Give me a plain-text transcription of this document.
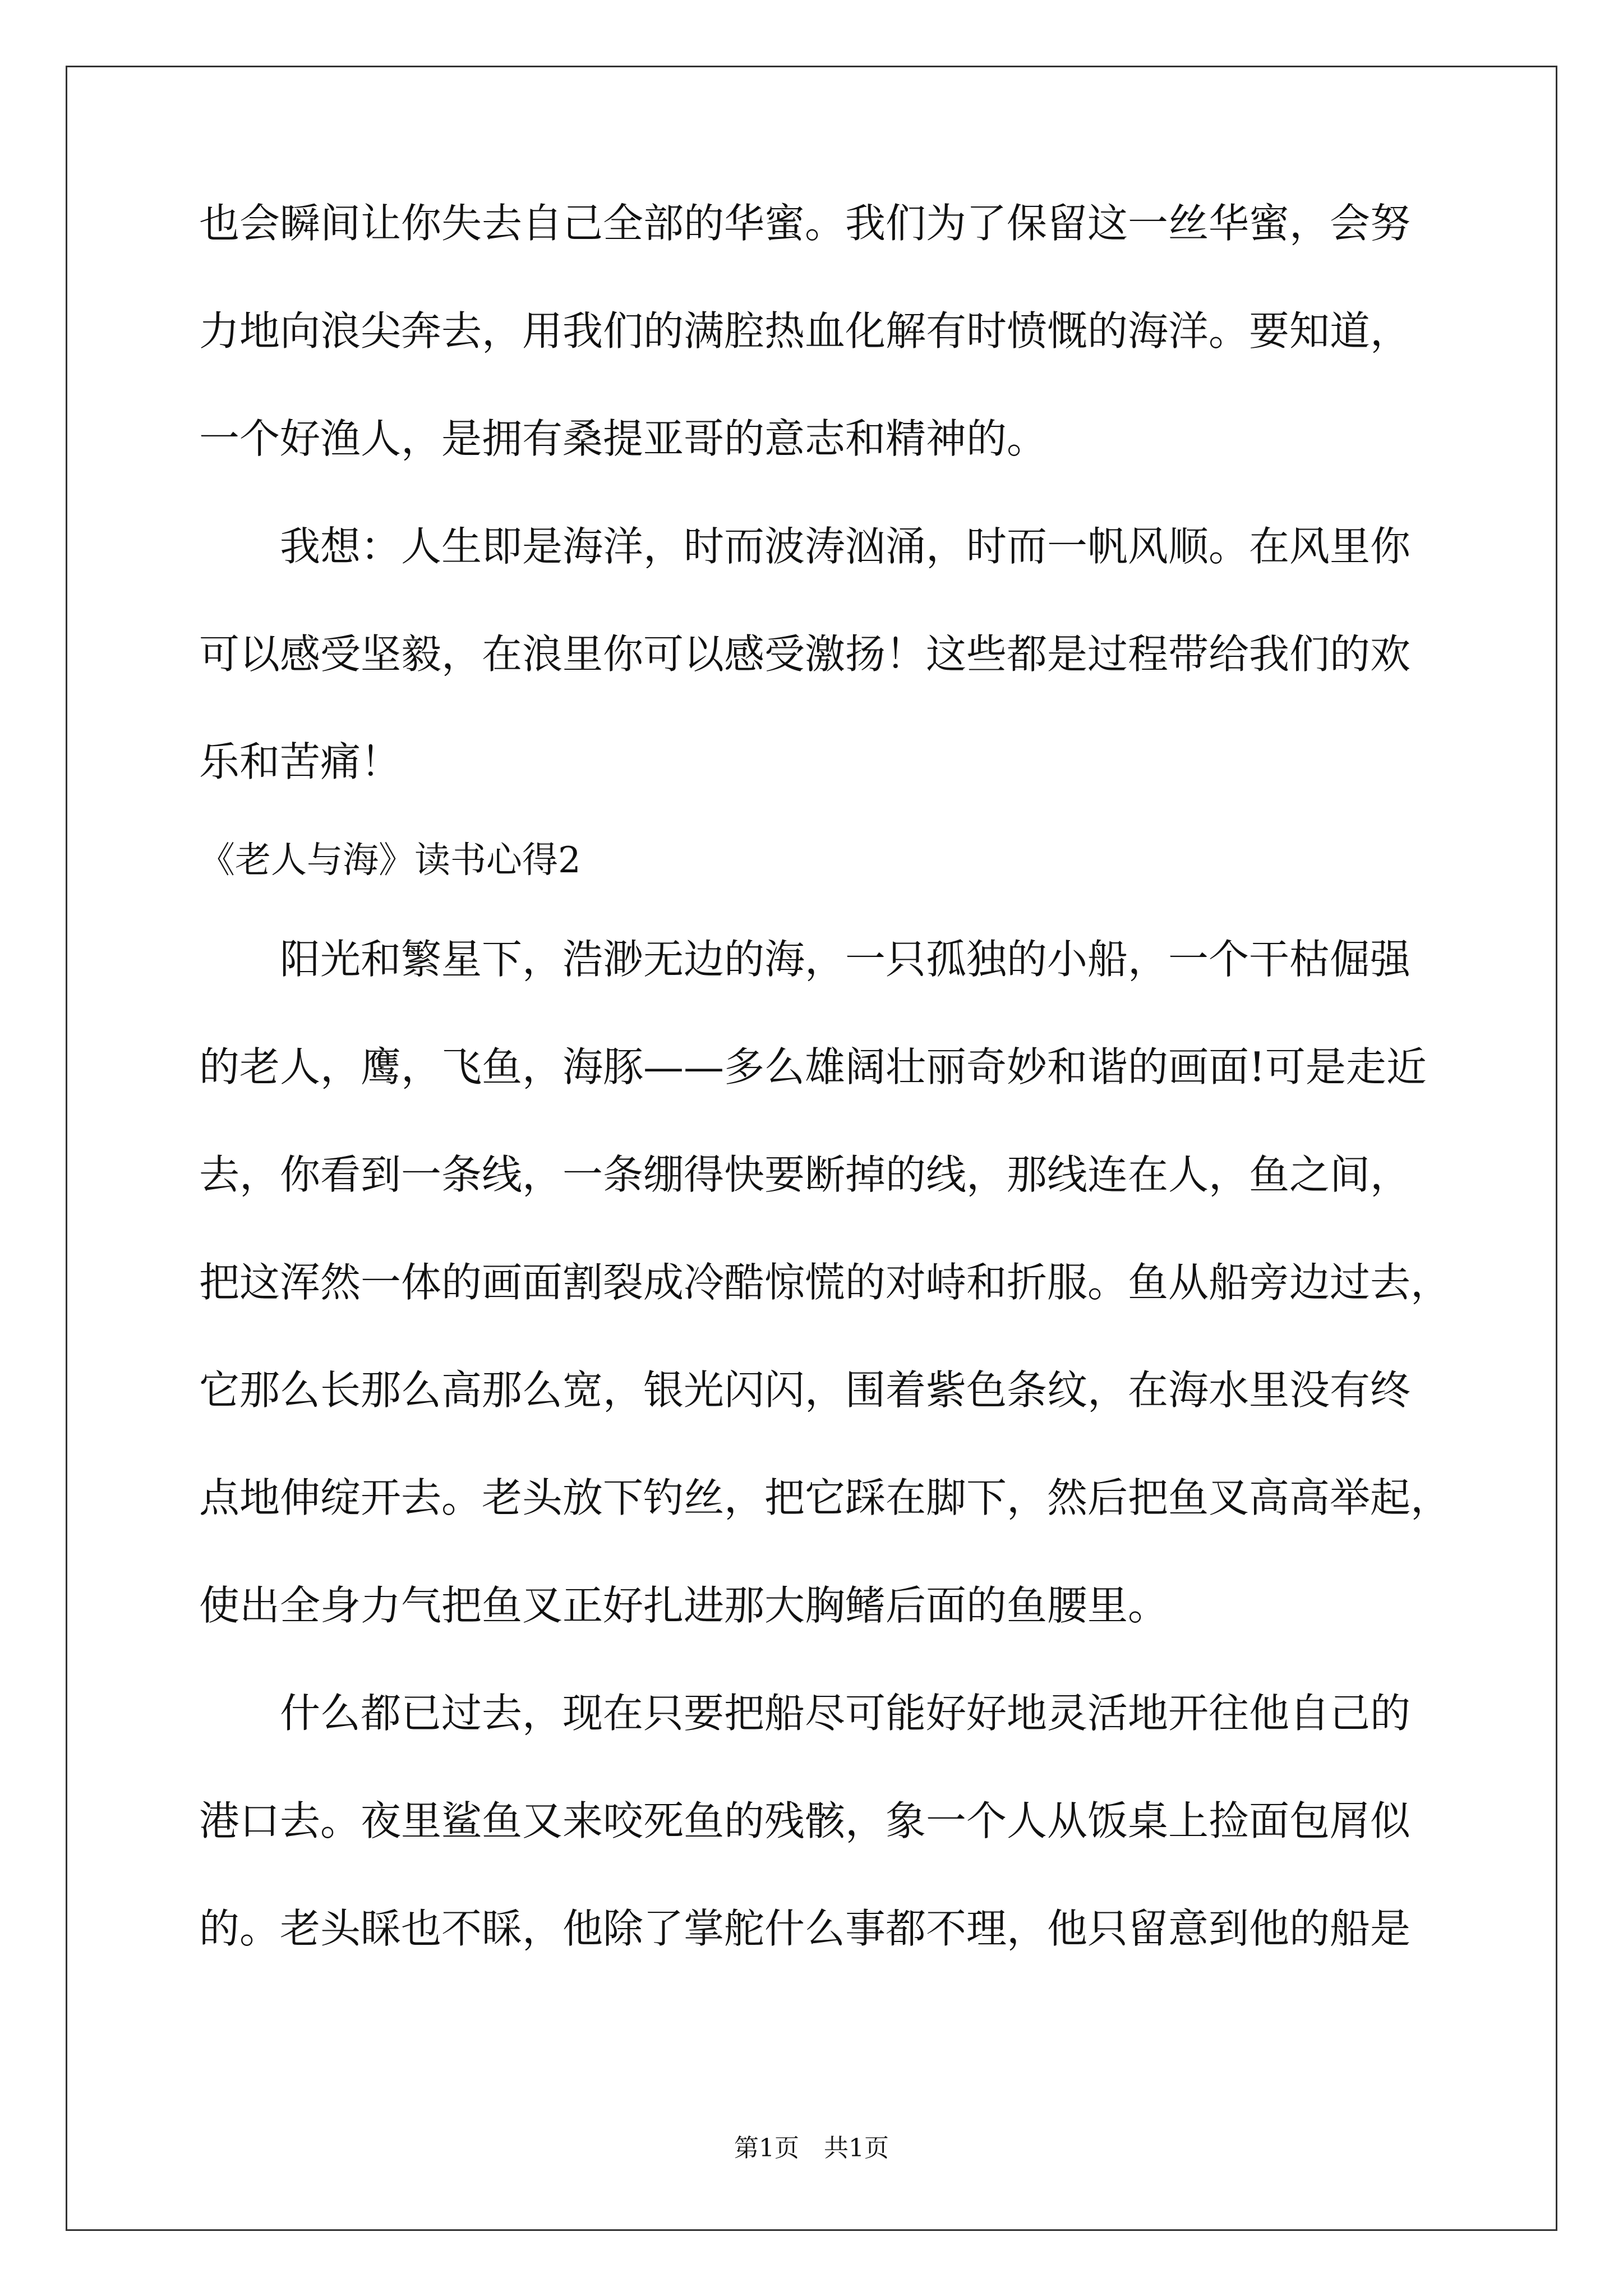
也会瞬间让你失去自己全部的华蜜。我们为了保留这一丝华蜜，会努

力地向浪尖奔去，用我们的满腔热血化解有时愤慨的海洋。要知道，

一个好渔人，是拥有桑提亚哥的意志和精神的。

我想：人生即是海洋，时而波涛汹涌，时而一帆风顺。在风里你

可以感受坚毅，在浪里你可以感受激扬！这些都是过程带给我们的欢

乐和苦痛！

《老人与海》读书心得2

阳光和繁星下，浩渺无边的海，一只孤独的小船，一个干枯倔强

的老人，鹰，飞鱼，海豚——多么雄阔壮丽奇妙和谐的画面!可是走近

去，你看到一条线，一条绷得快要断掉的线，那线连在人，鱼之间，

把这浑然一体的画面割裂成冷酷惊慌的对峙和折服。鱼从船旁边过去，

它那么长那么高那么宽，银光闪闪，围着紫色条纹，在海水里没有终

点地伸绽开去。老头放下钓丝，把它踩在脚下，然后把鱼叉高高举起，

使出全身力气把鱼叉正好扎进那大胸鳍后面的鱼腰里。

什么都已过去，现在只要把船尽可能好好地灵活地开往他自己的

港口去。夜里鲨鱼又来咬死鱼的残骸，象一个人从饭桌上捡面包屑似

的。老头睬也不睬，他除了掌舵什么事都不理，他只留意到他的船是

第1页　共1页
